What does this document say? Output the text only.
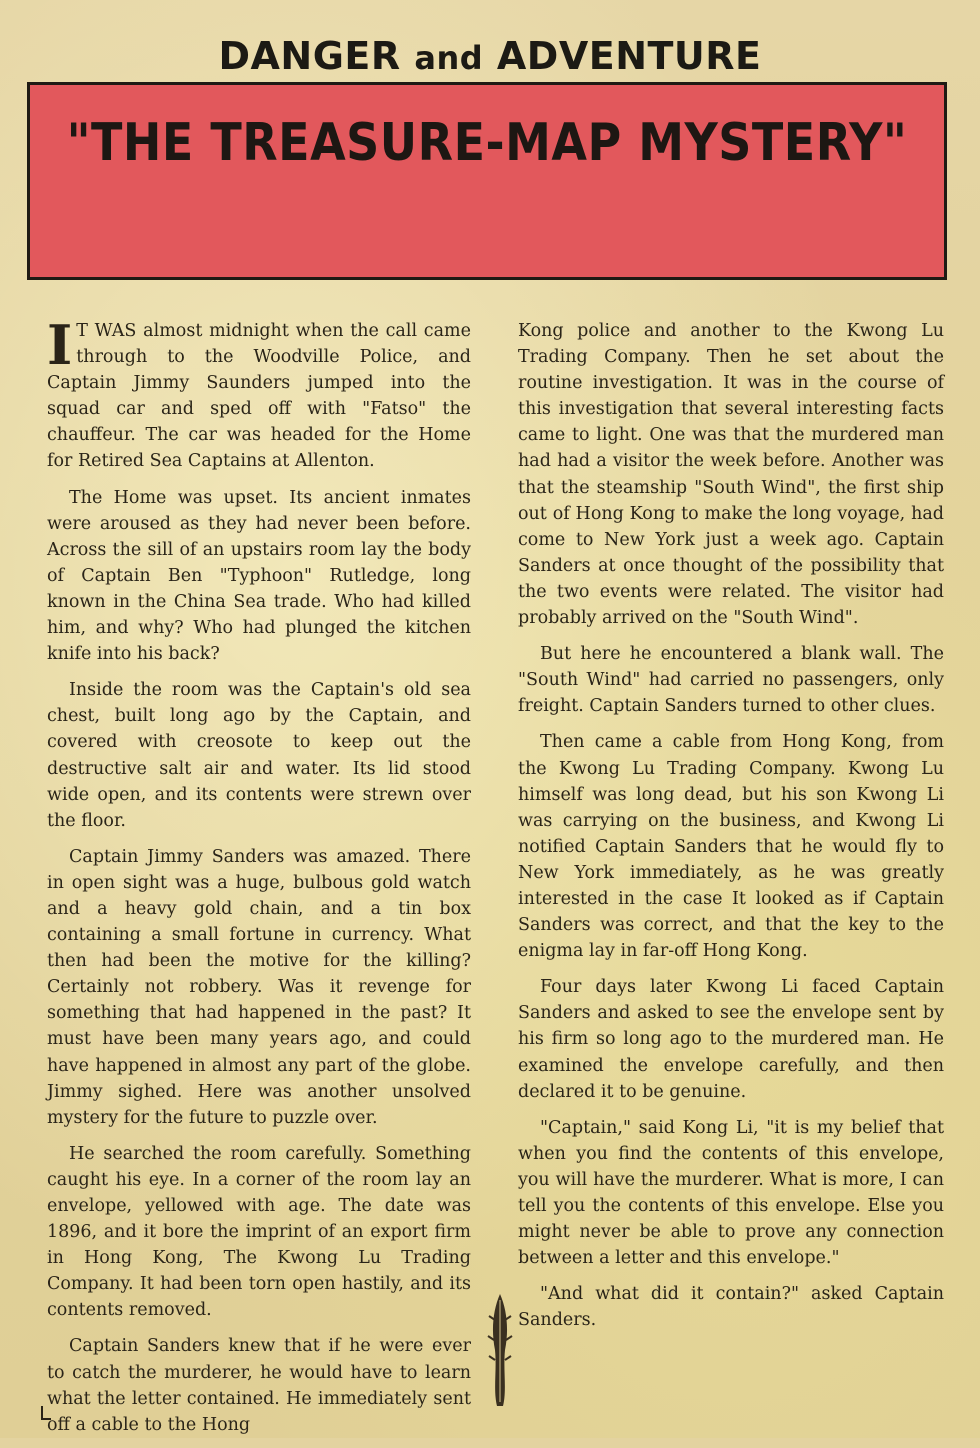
DANGER and ADVENTURE
"THE TREASURE-MAP MYSTERY"

I T WAS almost midnight when the call came through to the Woodville Police, and Captain Jimmy Saunders jumped into the squad car and sped off with "Fatso" the chauffeur. The car was headed for the Home for Retired Sea Captains at Allenton.

The Home was upset. Its ancient inmates were aroused as they had never been before. Across the sill of an upstairs room lay the body of Captain Ben "Typhoon" Rutledge, long known in the China Sea trade. Who had killed him, and why? Who had plunged the kitchen knife into his back?

Inside the room was the Captain's old sea chest, built long ago by the Captain, and covered with creosote to keep out the destructive salt air and water. Its lid stood wide open, and its contents were strewn over the floor.

Captain Jimmy Sanders was amazed. There in open sight was a huge, bulbous gold watch and a heavy gold chain, and a tin box containing a small fortune in currency. What then had been the motive for the killing? Certainly not robbery. Was it revenge for something that had happened in the past? It must have been many years ago, and could have happened in almost any part of the globe. Jimmy sighed. Here was another unsolved mystery for the future to puzzle over.

He searched the room carefully. Something caught his eye. In a corner of the room lay an envelope, yellowed with age. The date was 1896, and it bore the imprint of an export firm in Hong Kong, The Kwong Lu Trading Company. It had been torn open hastily, and its contents removed.

Captain Sanders knew that if he were ever to catch the murderer, he would have to learn what the letter contained. He immediately sent off a cable to the Hong

Kong police and another to the Kwong Lu Trading Company. Then he set about the routine investigation. It was in the course of this investigation that several interesting facts came to light. One was that the murdered man had had a visitor the week before. Another was that the steamship "South Wind", the first ship out of Hong Kong to make the long voyage, had come to New York just a week ago. Captain Sanders at once thought of the possibility that the two events were related. The visitor had probably arrived on the "South Wind".

But here he encountered a blank wall. The "South Wind" had carried no passengers, only freight. Captain Sanders turned to other clues.

Then came a cable from Hong Kong, from the Kwong Lu Trading Company. Kwong Lu himself was long dead, but his son Kwong Li was carrying on the business, and Kwong Li notified Captain Sanders that he would fly to New York immediately, as he was greatly interested in the case It looked as if Captain Sanders was correct, and that the key to the enigma lay in far-off Hong Kong.

Four days later Kwong Li faced Captain Sanders and asked to see the envelope sent by his firm so long ago to the murdered man. He examined the envelope carefully, and then declared it to be genuine.

"Captain," said Kong Li, "it is my belief that when you find the contents of this envelope, you will have the murderer. What is more, I can tell you the contents of this envelope. Else you might never be able to prove any connection between a letter and this envelope."

"And what did it contain?" asked Captain Sanders.
